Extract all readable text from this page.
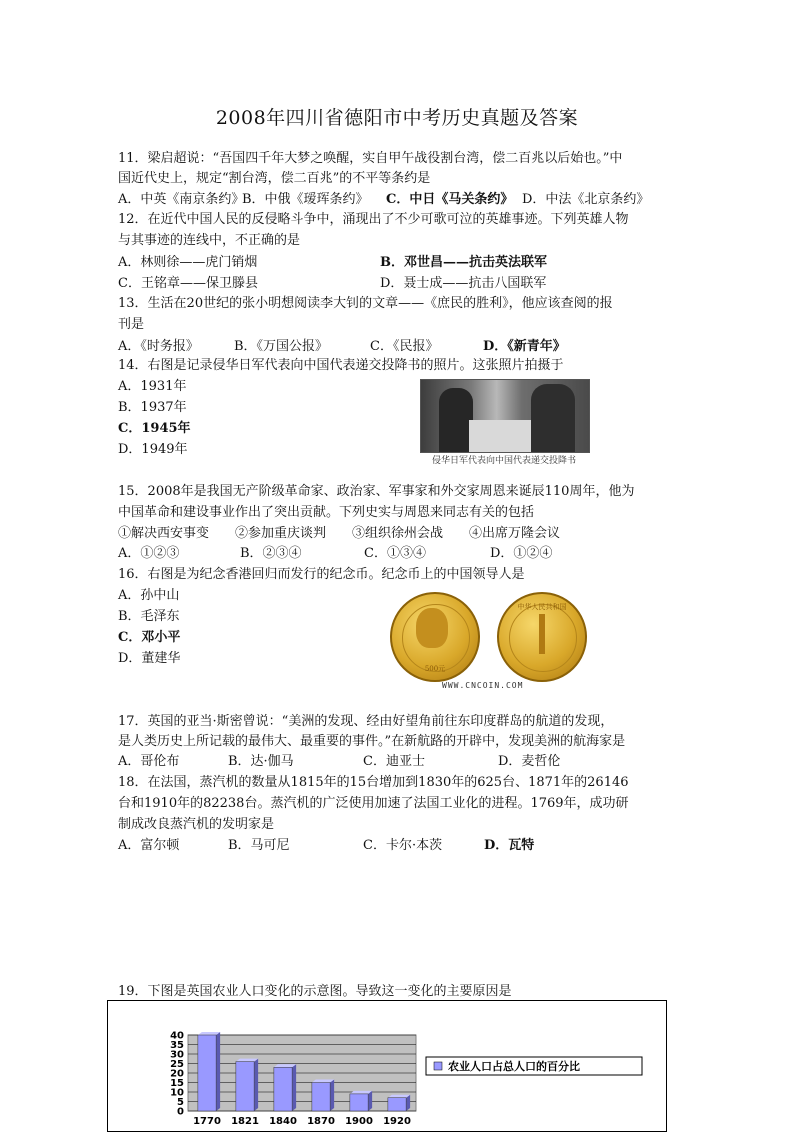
2008年四川省德阳市中考历史真题及答案
11．梁启超说：“吾国四千年大梦之唤醒，实自甲午战役割台湾，偿二百兆以后始也。”中
国近代史上，规定“割台湾，偿二百兆”的不平等条约是
A．中英《南京条约》
B．中俄《瑷珲条约》 C．中日《马关条约》 D．中法《北京条约》
12．在近代中国人民的反侵略斗争中，涌现出了不少可歌可泣的英雄事迹。下列英雄人物
与其事迹的连线中，不正确的是
A．林则徐——虎门销烟	B．邓世昌——抗击英法联军
C．王铭章——保卫滕县	D．聂士成——抗击八国联军
13．生活在20世纪的张小明想阅读李大钊的文章——《庶民的胜利》，他应该查阅的报
刊是
A．《时务报》	B．《万国公报》	C．《民报》	D．《新青年》
14．右图是记录侵华日军代表向中国代表递交投降书的照片。这张照片拍摄于
A．1931年
B．1937年
C．1945年
D．1949年
侵华日军代表向中国代表递交投降书
15．2008年是我国无产阶级革命家、政治家、军事家和外交家周恩来诞辰110周年，他为
中国革命和建设事业作出了突出贡献。下列史实与周恩来同志有关的包括
①解决西安事变　　②参加重庆谈判　　③组织徐州会战　　④出席万隆会议
A．①②③	B．②③④	C．①③④	D．①②④
16．右图是为纪念香港回归而发行的纪念币。纪念币上的中国领导人是
A．孙中山
B．毛泽东
C．邓小平
D．董建华
500元
中华人民共和国
WWW.CNCOIN.COM
17．英国的亚当·斯密曾说：“美洲的发现、经由好望角前往东印度群岛的航道的发现，
是人类历史上所记载的最伟大、最重要的事件。”在新航路的开辟中，发现美洲的航海家是
A．哥伦布	B．达·伽马	C．迪亚士	D．麦哲伦
18．在法国，蒸汽机的数量从1815年的15台增加到1830年的625台、1871年的26146
台和1910年的82238台。蒸汽机的广泛使用加速了法国工业化的进程。1769年，成功研
制成改良蒸汽机的发明家是
A．富尔顿	B．马可尼	C．卡尔·本茨	D．瓦特
19．下图是英国农业人口变化的示意图。导致这一变化的主要原因是
0
5
10
15
20
25
30
35
40
1770 1821 1840 1870 1900 1920
农业人口占总人口的百分比
